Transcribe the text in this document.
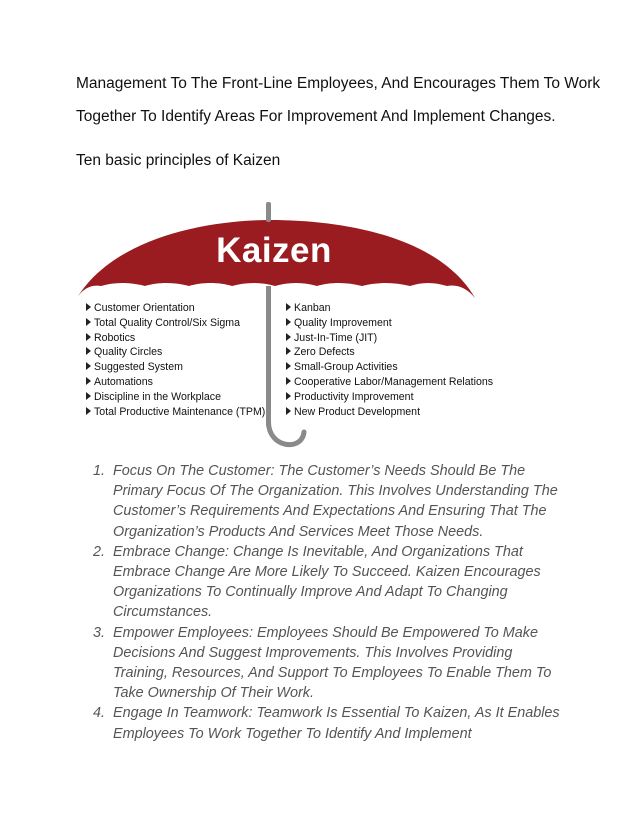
Management To The Front-Line Employees, And Encourages Them To Work
Together To Identify Areas For Improvement And Implement Changes.
Ten basic principles of Kaizen
Kaizen
Customer Orientation
Total Quality Control/Six Sigma
Robotics
Quality Circles
Suggested System
Automations
Discipline in the Workplace
Total Productive Maintenance (TPM)
Kanban
Quality Improvement
Just-In-Time (JIT)
Zero Defects
Small-Group Activities
Cooperative Labor/Management Relations
Productivity Improvement
New Product Development
1. Focus On The Customer: The Customer’s Needs Should Be The
Primary Focus Of The Organization. This Involves Understanding The
Customer’s Requirements And Expectations And Ensuring That The
Organization’s Products And Services Meet Those Needs.
2. Embrace Change: Change Is Inevitable, And Organizations That
Embrace Change Are More Likely To Succeed. Kaizen Encourages
Organizations To Continually Improve And Adapt To Changing
Circumstances.
3. Empower Employees: Employees Should Be Empowered To Make
Decisions And Suggest Improvements. This Involves Providing
Training, Resources, And Support To Employees To Enable Them To
Take Ownership Of Their Work.
4. Engage In Teamwork: Teamwork Is Essential To Kaizen, As It Enables
Employees To Work Together To Identify And Implement
